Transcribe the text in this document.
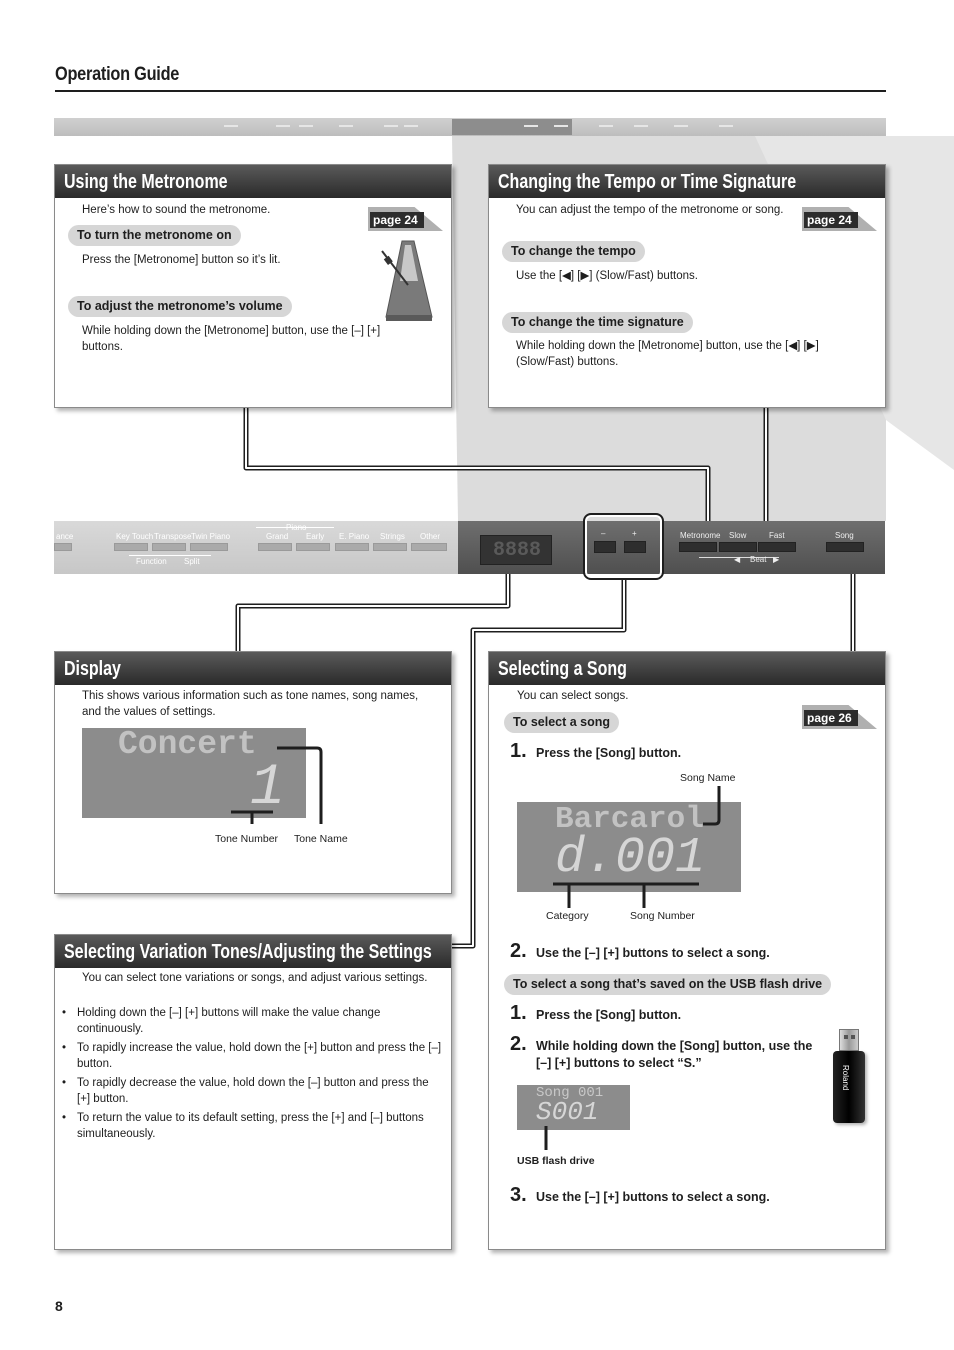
Operation Guide
Using the Metronome
Here’s how to sound the metronome.
To turn the metronome on
Press the [Metronome] button so it’s lit.
To adjust the metronome’s volume
While holding down the [Metronome] button, use the [–] [+] buttons.
page 24
Changing the Tempo or Time Signature
You can adjust the tempo of the metronome or song.
To change the tempo
Use the [◀] [▶] (Slow/Fast) buttons.
To change the time signature
While holding down the [Metronome] button, use the [◀] [▶] (Slow/Fast) buttons.
page 24
ance	Key Touch Transpose Twin Piano
Function Split
Piano
Grand Early E. Piano Strings Other
8888
–	+	Metronome Slow	Fast
◀ Beat ▶
Song
Display
This shows various information such as tone names, song names, and the values of settings.
Concert
1
Tone Number Tone Name
Selecting Variation Tones/Adjusting the Settings
You can select tone variations or songs, and adjust various settings.
• Holding down the [–] [+] buttons will make the value change continuously.
• To rapidly increase the value, hold down the [+] button and press the [–] button.
• To rapidly decrease the value, hold down the [–] button and press the [+] button.
• To return the value to its default setting, press the [+] and [–] buttons simultaneously.
Selecting a Song
You can select songs.
page 26
To select a song
1. Press the [Song] button.
Song Name
Barcarol
d.001
Category	Song Number
2. Use the [–] [+] buttons to select a song.
To select a song that’s saved on the USB flash drive
1. Press the [Song] button.
2. While holding down the [Song] button, use the [–] [+] buttons to select “S.”
Song 001
S001
USB flash drive
3. Use the [–] [+] buttons to select a song.
Roland
8
